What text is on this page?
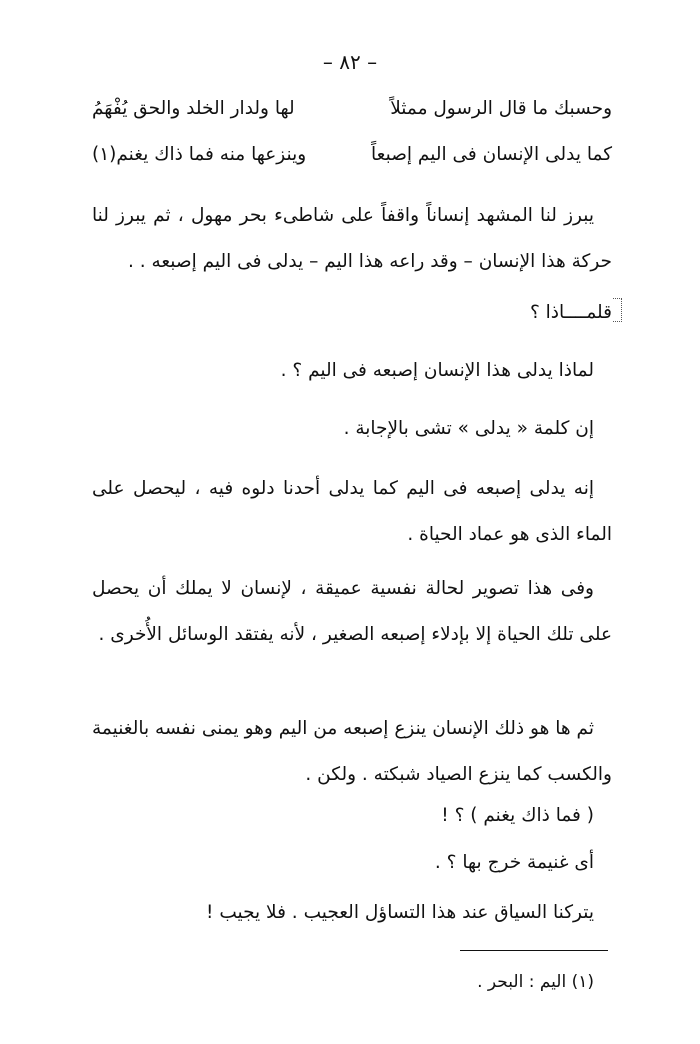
– ٨٢ –
وحسبك ما قال الرسول ممثلاً
لها ولدار الخلد والحق يُفْهَمُ
كما يدلى الإنسان فى اليم إصبعاً
وينزعها منه فما ذاك يغنم(١)

يبرز لنا المشهد إنساناً واقفاً على شاطىء بحر مهول ، ثم يبرز لنا حركة هذا الإنسان – وقد راعه هذا اليم – يدلى فى اليم إصبعه . .

قلمــــاذا ؟
لماذا يدلى هذا الإنسان إصبعه فى اليم ؟ .
إن كلمة « يدلى » تشى بالإجابة .

إنه يدلى إصبعه فى اليم كما يدلى أحدنا دلوه فيه ، ليحصل على الماء الذى هو عماد الحياة .

وفى هذا تصوير لحالة نفسية عميقة ، لإنسان لا يملك أن يحصل على تلك الحياة إلا بإدلاء إصبعه الصغير ، لأنه يفتقد الوسائل الأُخرى .

ثم ها هو ذلك الإنسان ينزع إصبعه من اليم وهو يمنى نفسه بالغنيمة والكسب كما ينزع الصياد شبكته . ولكن .

( فما ذاك يغنم ) ؟ !
أى غنيمة خرج بها ؟ .
يتركنا السياق عند هذا التساؤل العجيب . فلا يجيب !
(١) اليم : البحر .
